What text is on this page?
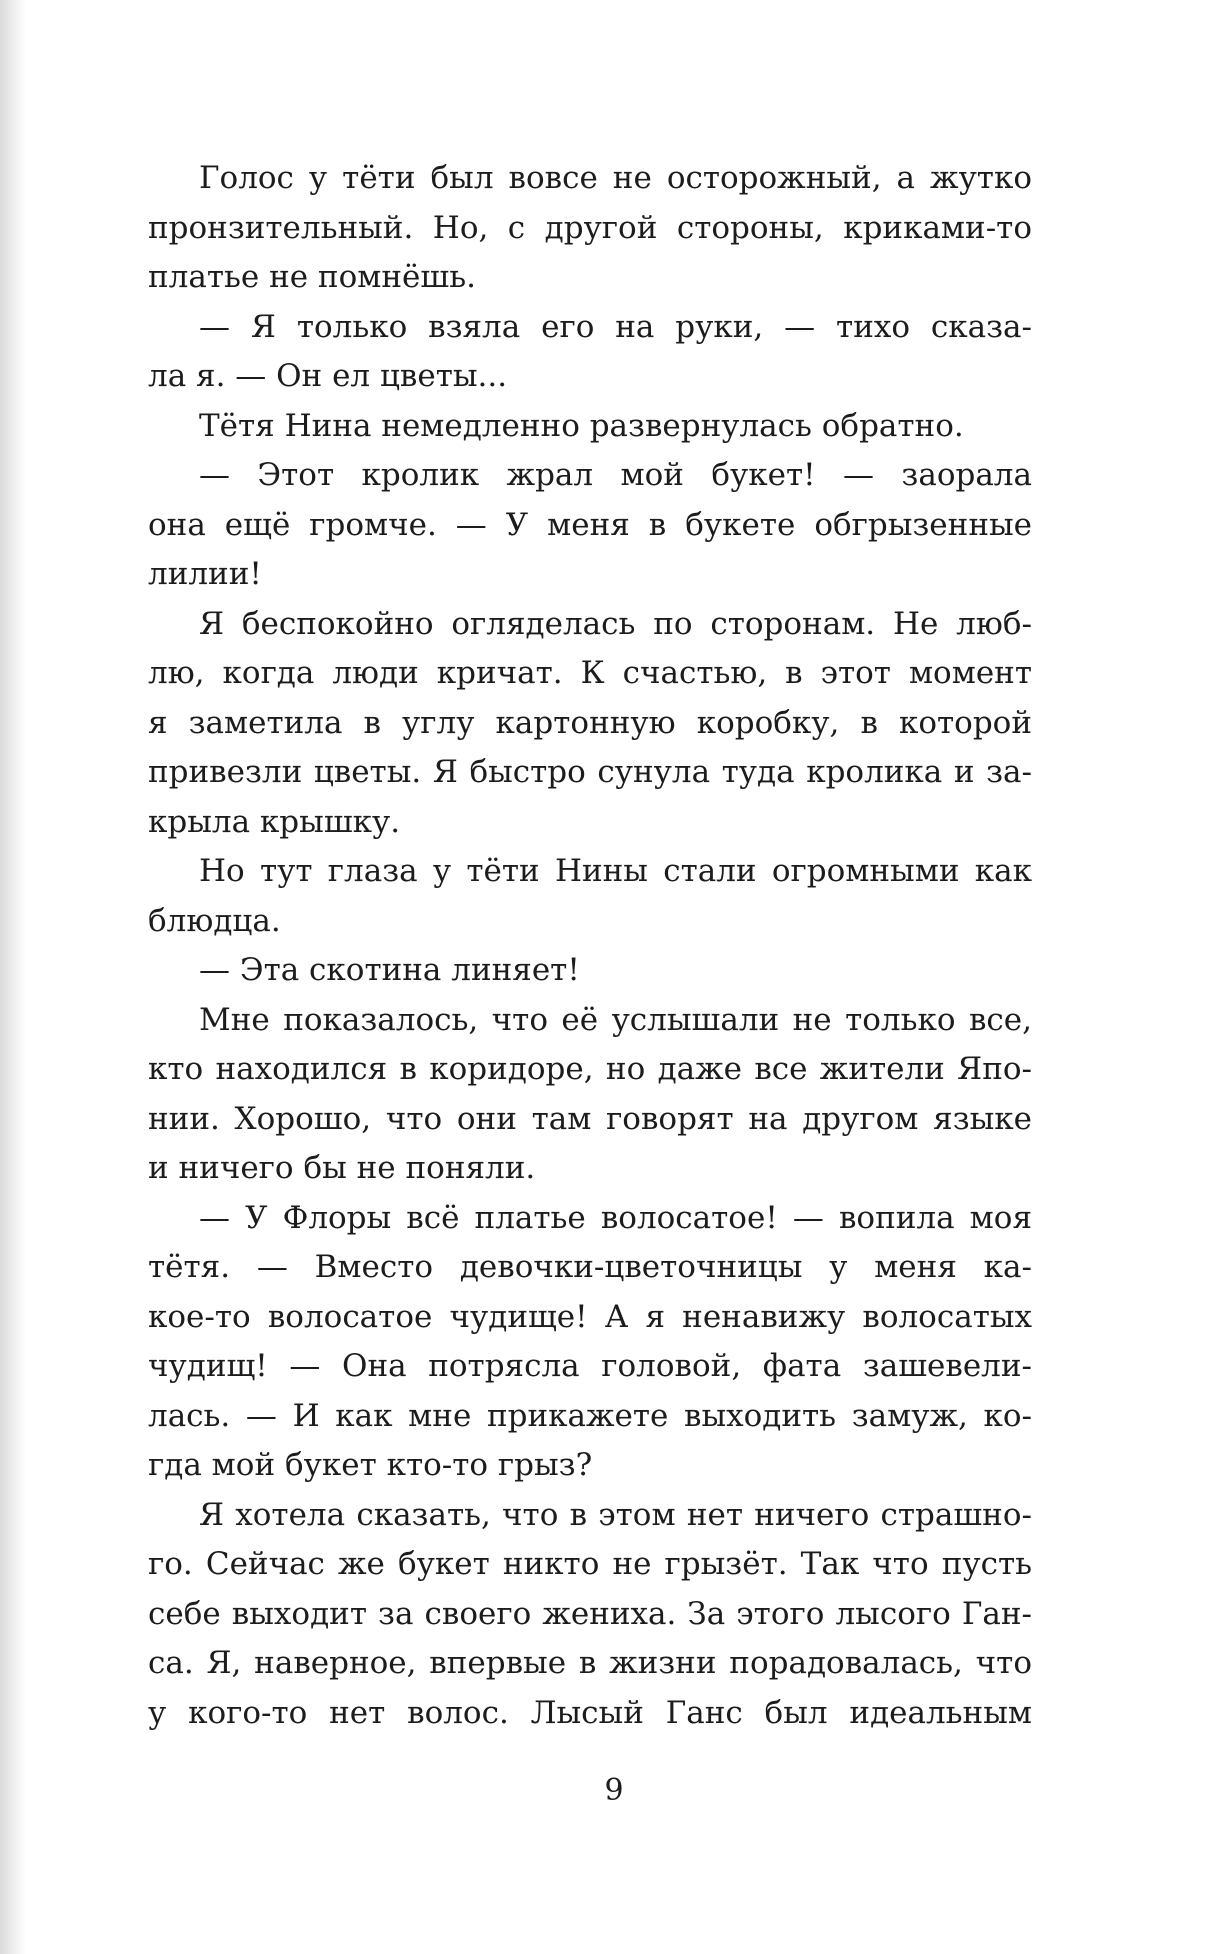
Голос у тёти был вовсе не осторожный, а жутко
пронзительный. Но, с другой стороны, криками-то
платье не помнёшь.
— Я только взяла его на руки, — тихо сказа-
ла я. — Он ел цветы...
Тётя Нина немедленно развернулась обратно.
— Этот кролик жрал мой букет! — заорала
она ещё громче. — У меня в букете обгрызенные
лилии!
Я беспокойно огляделась по сторонам. Не люб-
лю, когда люди кричат. К счастью, в этот момент
я заметила в углу картонную коробку, в которой
привезли цветы. Я быстро сунула туда кролика и за-
крыла крышку.
Но тут глаза у тёти Нины стали огромными как
блюдца.
— Эта скотина линяет!
Мне показалось, что её услышали не только все,
кто находился в коридоре, но даже все жители Япо-
нии. Хорошо, что они там говорят на другом языке
и ничего бы не поняли.
— У Флоры всё платье волосатое! — вопила моя
тётя. — Вместо девочки-цветочницы у меня ка-
кое-то волосатое чудище! А я ненавижу волосатых
чудищ! — Она потрясла головой, фата зашевели-
лась. — И как мне прикажете выходить замуж, ко-
гда мой букет кто-то грыз?
Я хотела сказать, что в этом нет ничего страшно-
го. Сейчас же букет никто не грызёт. Так что пусть
себе выходит за своего жениха. За этого лысого Ган-
са. Я, наверное, впервые в жизни порадовалась, что
у кого-то нет волос. Лысый Ганс был идеальным
9
